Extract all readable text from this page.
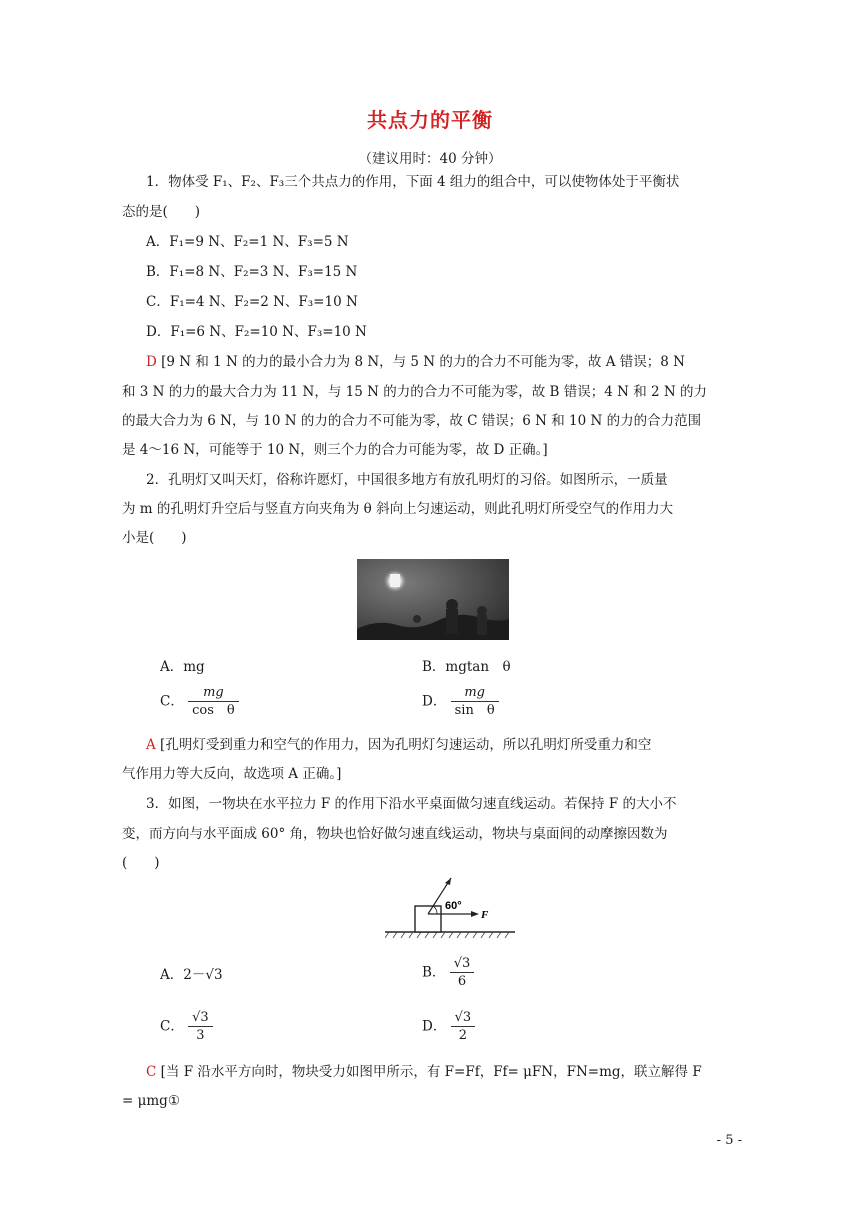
共点力的平衡
（建议用时：40 分钟）
1．物体受 F₁、F₂、F₃三个共点力的作用，下面 4 组力的组合中，可以使物体处于平衡状
态的是(　　)
A．F₁=9 N、F₂=1 N、F₃=5 N
B．F₁=8 N、F₂=3 N、F₃=15 N
C．F₁=4 N、F₂=2 N、F₃=10 N
D．F₁=6 N、F₂=10 N、F₃=10 N
D [9 N 和 1 N 的力的最小合力为 8 N，与 5 N 的力的合力不可能为零，故 A 错误；8 N
和 3 N 的力的最大合力为 11 N，与 15 N 的力的合力不可能为零，故 B 错误；4 N 和 2 N 的力
的最大合力为 6 N，与 10 N 的力的合力不可能为零，故 C 错误；6 N 和 10 N 的力的合力范围
是 4～16 N，可能等于 10 N，则三个力的合力可能为零，故 D 正确。]
2．孔明灯又叫天灯，俗称许愿灯，中国很多地方有放孔明灯的习俗。如图所示，一质量
为 m 的孔明灯升空后与竖直方向夹角为 θ 斜向上匀速运动，则此孔明灯所受空气的作用力大
小是(　　)
A．mg	B．mgtan　θ
C． $\frac{mg}{\text{cos　θ}}$	D． $\frac{mg}{\text{sin　θ}}$
A [孔明灯受到重力和空气的作用力，因为孔明灯匀速运动，所以孔明灯所受重力和空
气作用力等大反向，故选项 A 正确。]
3．如图，一物块在水平拉力 F 的作用下沿水平桌面做匀速直线运动。若保持 F 的大小不
变，而方向与水平面成 60° 角，物块也恰好做匀速直线运动，物块与桌面间的动摩擦因数为
(　　)
60°
F
A．2－√3	B． $\frac{√3}{6}$
C． $\frac{√3}{3}$	D． $\frac{√3}{2}$
C [当 F 沿水平方向时，物块受力如图甲所示，有 F=Ff，Ff= μFN，FN=mg，联立解得 F
= μmg①
- 5 -
